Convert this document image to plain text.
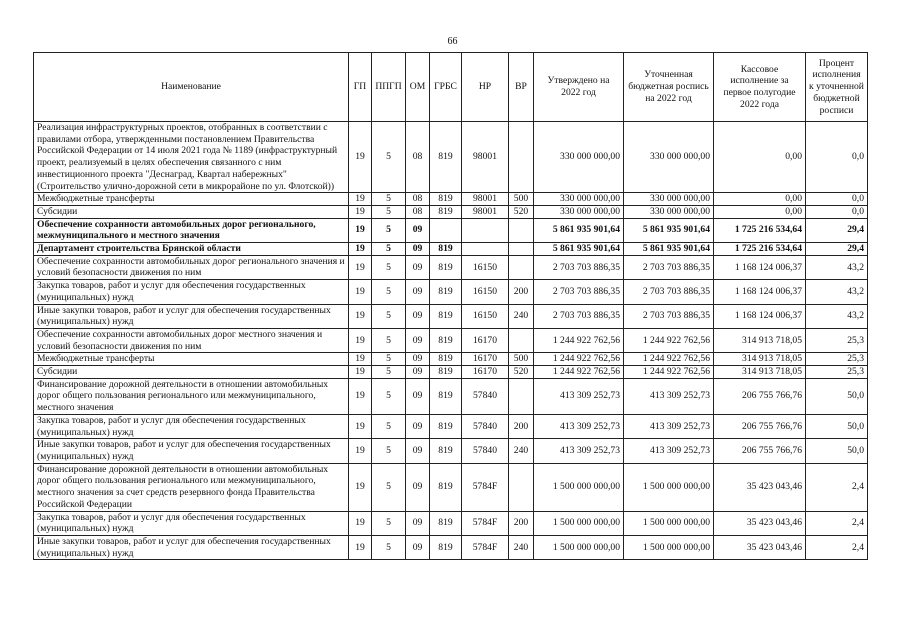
66
Наименование	ГП	ППГП	ОМ	ГРБС	НР	ВР	Утверждено на 2022 год	Уточненная бюджетная роспись на 2022 год	Кассовое исполнение за первое полугодие 2022 года	Процент исполнения к уточненной бюджетной росписи
Реализация инфраструктурных проектов, отобранных в соответствии с правилами отбора, утвержденными постановлением Правительства Российской Федерации от 14 июля 2021 года № 1189 (инфраструктурный проект, реализуемый в целях обеспечения связанного с ним инвестиционного проекта "Деснаград, Квартал набережных" (Строительство улично-дорожной сети в микрорайоне по ул. Флотской))	19	5	08	819	98001		330 000 000,00	330 000 000,00	0,00	0,0
Межбюджетные трансферты	19	5	08	819	98001	500	330 000 000,00	330 000 000,00	0,00	0,0
Субсидии	19	5	08	819	98001	520	330 000 000,00	330 000 000,00	0,00	0,0
Обеспечение сохранности автомобильных дорог регионального, межмуниципального и местного значения	19	5	09				5 861 935 901,64	5 861 935 901,64	1 725 216 534,64	29,4
Департамент строительства Брянской области	19	5	09	819			5 861 935 901,64	5 861 935 901,64	1 725 216 534,64	29,4
Обеспечение сохранности автомобильных дорог регионального значения и условий безопасности движения по ним	19	5	09	819	16150		2 703 703 886,35	2 703 703 886,35	1 168 124 006,37	43,2
Закупка товаров, работ и услуг для обеспечения государственных (муниципальных) нужд	19	5	09	819	16150	200	2 703 703 886,35	2 703 703 886,35	1 168 124 006,37	43,2
Иные закупки товаров, работ и услуг для обеспечения государственных (муниципальных) нужд	19	5	09	819	16150	240	2 703 703 886,35	2 703 703 886,35	1 168 124 006,37	43,2
Обеспечение сохранности автомобильных дорог местного значения и условий безопасности движения по ним	19	5	09	819	16170		1 244 922 762,56	1 244 922 762,56	314 913 718,05	25,3
Межбюджетные трансферты	19	5	09	819	16170	500	1 244 922 762,56	1 244 922 762,56	314 913 718,05	25,3
Субсидии	19	5	09	819	16170	520	1 244 922 762,56	1 244 922 762,56	314 913 718,05	25,3
Финансирование дорожной деятельности в отношении автомобильных дорог общего пользования регионального или межмуниципального, местного значения	19	5	09	819	57840		413 309 252,73	413 309 252,73	206 755 766,76	50,0
Закупка товаров, работ и услуг для обеспечения государственных (муниципальных) нужд	19	5	09	819	57840	200	413 309 252,73	413 309 252,73	206 755 766,76	50,0
Иные закупки товаров, работ и услуг для обеспечения государственных (муниципальных) нужд	19	5	09	819	57840	240	413 309 252,73	413 309 252,73	206 755 766,76	50,0
Финансирование дорожной деятельности в отношении автомобильных дорог общего пользования регионального или межмуниципального, местного значения за счет средств резервного фонда Правительства Российской Федерации	19	5	09	819	5784F		1 500 000 000,00	1 500 000 000,00	35 423 043,46	2,4
Закупка товаров, работ и услуг для обеспечения государственных (муниципальных) нужд	19	5	09	819	5784F	200	1 500 000 000,00	1 500 000 000,00	35 423 043,46	2,4
Иные закупки товаров, работ и услуг для обеспечения государственных (муниципальных) нужд	19	5	09	819	5784F	240	1 500 000 000,00	1 500 000 000,00	35 423 043,46	2,4
